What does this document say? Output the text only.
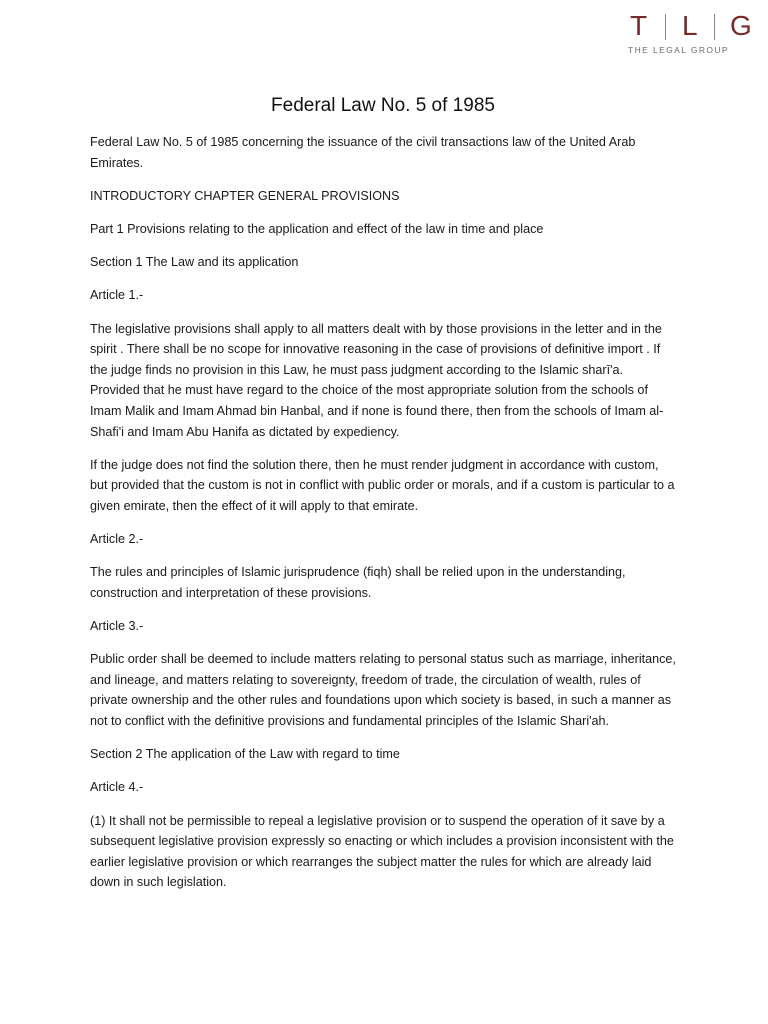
T L G
THE LEGAL GROUP
Federal Law No. 5 of 1985

Federal Law No. 5 of 1985 concerning the issuance of the civil transactions law of the United Arab Emirates.

INTRODUCTORY CHAPTER GENERAL PROVISIONS

Part 1 Provisions relating to the application and effect of the law in time and place

Section 1 The Law and its application

Article 1.-

The legislative provisions shall apply to all matters dealt with by those provisions in the letter and in the spirit . There shall be no scope for innovative reasoning in the case of provisions of definitive import . If the judge finds no provision in this Law, he must pass judgment according to the Islamic sharī'a. Provided that he must have regard to the choice of the most appropriate solution from the schools of Imam Malik and Imam Ahmad bin Hanbal, and if none is found there, then from the schools of Imam al-Shafi'i and Imam Abu Hanifa as dictated by expediency.

If the judge does not find the solution there, then he must render judgment in accordance with custom, but provided that the custom is not in conflict with public order or morals, and if a custom is particular to a given emirate, then the effect of it will apply to that emirate.

Article 2.-

The rules and principles of Islamic jurisprudence (fiqh) shall be relied upon in the understanding, construction and interpretation of these provisions.

Article 3.-

Public order shall be deemed to include matters relating to personal status such as marriage, inheritance, and lineage, and matters relating to sovereignty, freedom of trade, the circulation of wealth, rules of private ownership and the other rules and foundations upon which society is based, in such a manner as not to conflict with the definitive provisions and fundamental principles of the Islamic Shari'ah.

Section 2 The application of the Law with regard to time

Article 4.-

(1) It shall not be permissible to repeal a legislative provision or to suspend the operation of it save by a subsequent legislative provision expressly so enacting or which includes a provision inconsistent with the earlier legislative provision or which rearranges the subject matter the rules for which are already laid down in such legislation.
